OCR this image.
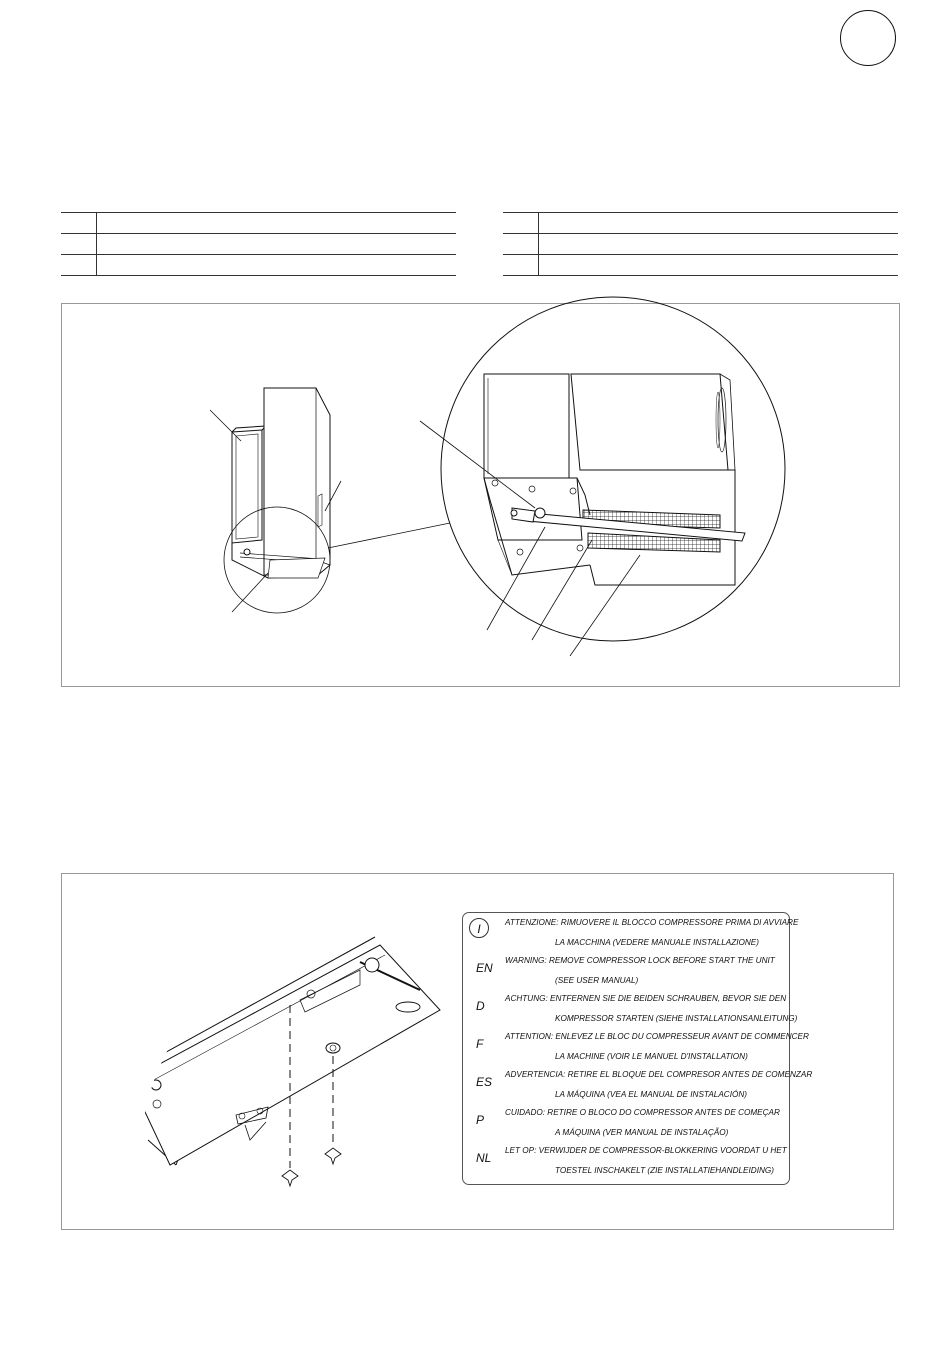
I	ATTENZIONE: RIMUOVERE IL BLOCCO COMPRESSORE PRIMA DI AVVIARE
LA MACCHINA (VEDERE MANUALE INSTALLAZIONE)
EN
WARNING: REMOVE COMPRESSOR LOCK BEFORE START THE UNIT
(SEE USER MANUAL)
D
ACHTUNG: ENTFERNEN SIE DIE BEIDEN SCHRAUBEN, BEVOR SIE DEN
KOMPRESSOR STARTEN (SIEHE INSTALLATIONSANLEITUNG)
F
ATTENTION: ENLEVEZ LE BLOC DU COMPRESSEUR AVANT DE COMMENCER
LA MACHINE (VOIR LE MANUEL D'INSTALLATION)
ES
ADVERTENCIA: RETIRE EL BLOQUE DEL COMPRESOR ANTES DE COMENZAR
LA MÁQUINA (VEA EL MANUAL DE INSTALACIÓN)
P
CUIDADO: RETIRE O BLOCO DO COMPRESSOR ANTES DE COMEÇAR
A MÁQUINA (VER MANUAL DE INSTALAÇÃO)
NL
LET OP: VERWIJDER DE COMPRESSOR-BLOKKERING VOORDAT U HET
TOESTEL INSCHAKELT (ZIE INSTALLATIEHANDLEIDING)
